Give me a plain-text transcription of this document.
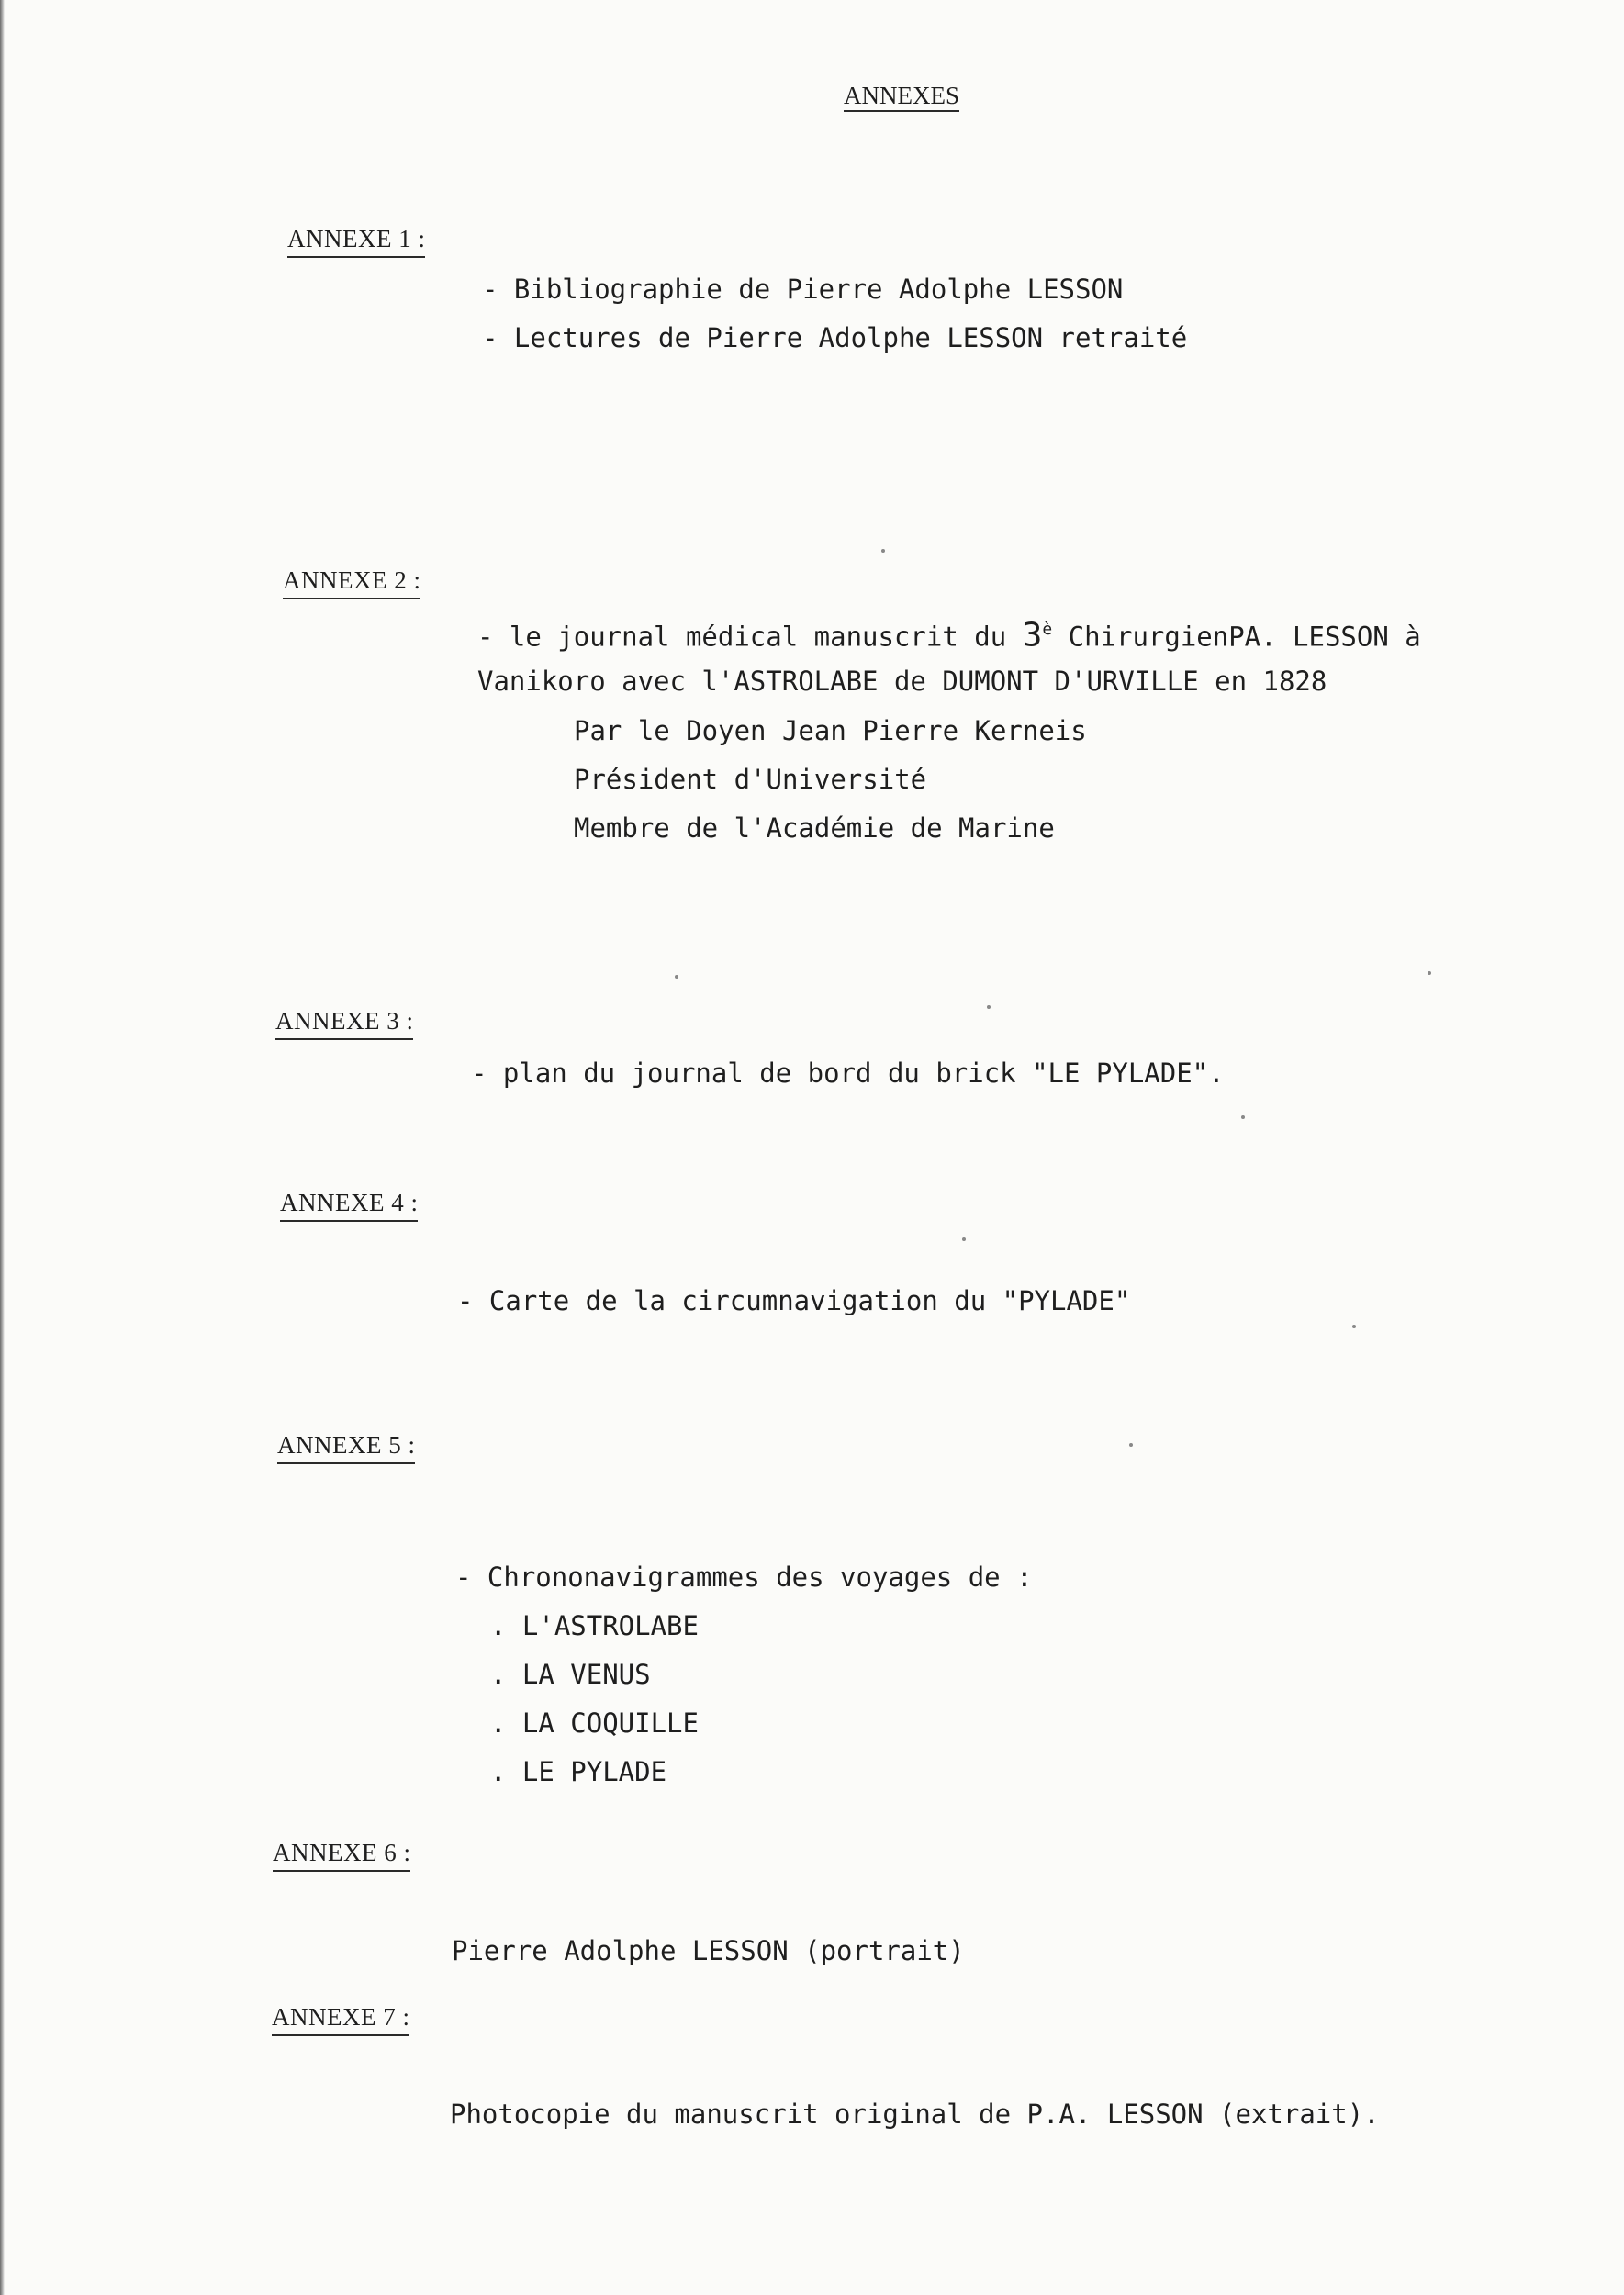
ANNEXES
ANNEXE 1 :
- Bibliographie de Pierre Adolphe LESSON
- Lectures de Pierre Adolphe LESSON retraité
ANNEXE 2 :
- le journal médical manuscrit du $3^è$ ChirurgienPA. LESSON à
Vanikoro avec l'ASTROLABE de DUMONT D'URVILLE en 1828
Par le Doyen Jean Pierre Kerneis
Président d'Université
Membre de l'Académie de Marine
ANNEXE 3 :
- plan du journal de bord du brick "LE PYLADE".
ANNEXE 4 :
- Carte de la circumnavigation du "PYLADE"
ANNEXE 5 :
- Chrononavigrammes des voyages de :
. L'ASTROLABE
. LA VENUS
. LA COQUILLE
. LE PYLADE
ANNEXE 6 :
Pierre Adolphe LESSON (portrait)
ANNEXE 7 :
Photocopie du manuscrit original de P.A. LESSON (extrait).
